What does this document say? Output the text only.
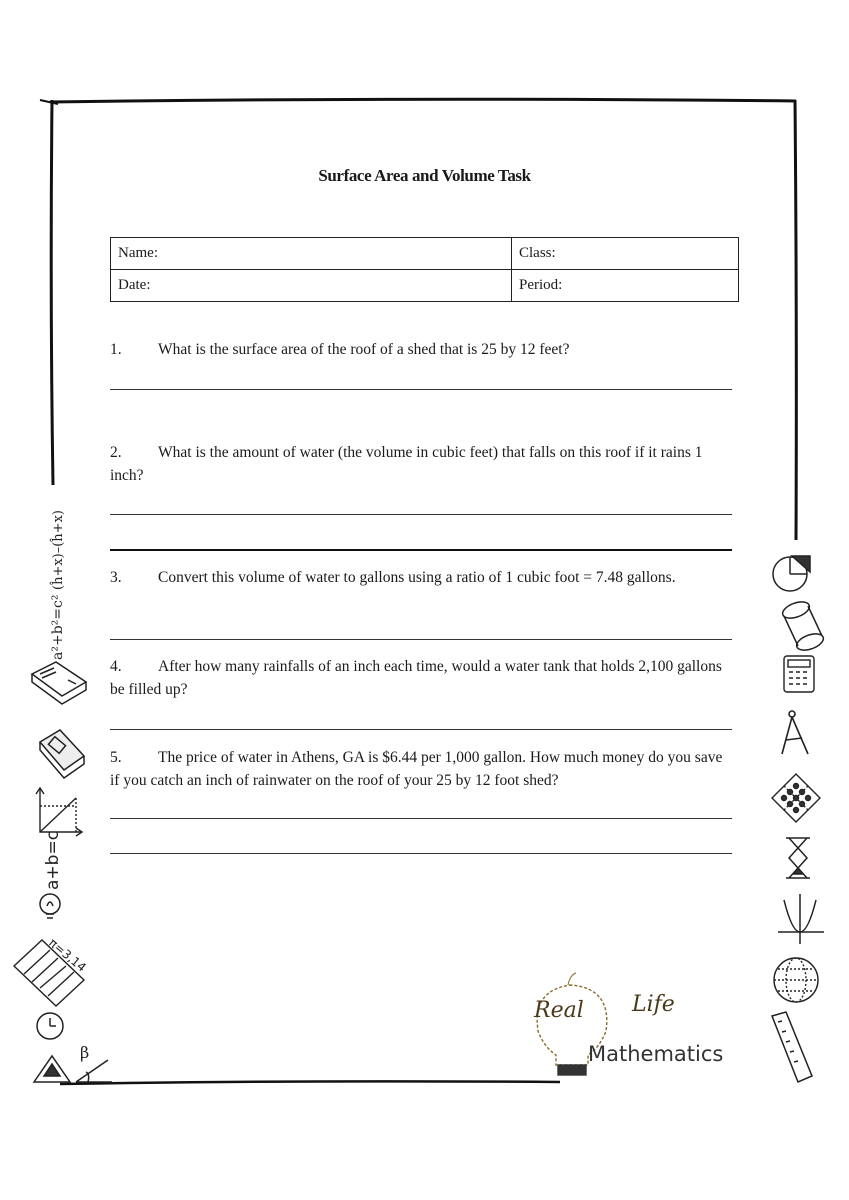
a²+b²=c²
(ĥ+x)–(ĥ+x)
a+b=c
π=3,14
β
Surface Area and Volume Task
Name:	Class:
Date:	Period:
1. What is the surface area of the roof of a shed that is 25 by 12 feet?
2. What is the amount of water (the volume in cubic feet) that falls on this roof if it rains 1 inch?
3. Convert this volume of water to gallons using a ratio of 1 cubic foot = 7.48 gallons.
4. After how many rainfalls of an inch each time, would a water tank that holds 2,100 gallons be filled up?
5. The price of water in Athens, GA is $6.44 per 1,000 gallon. How much money do you save if you catch an inch of rainwater on the roof of your 25 by 12 foot shed?
Real Life
Mathematics
